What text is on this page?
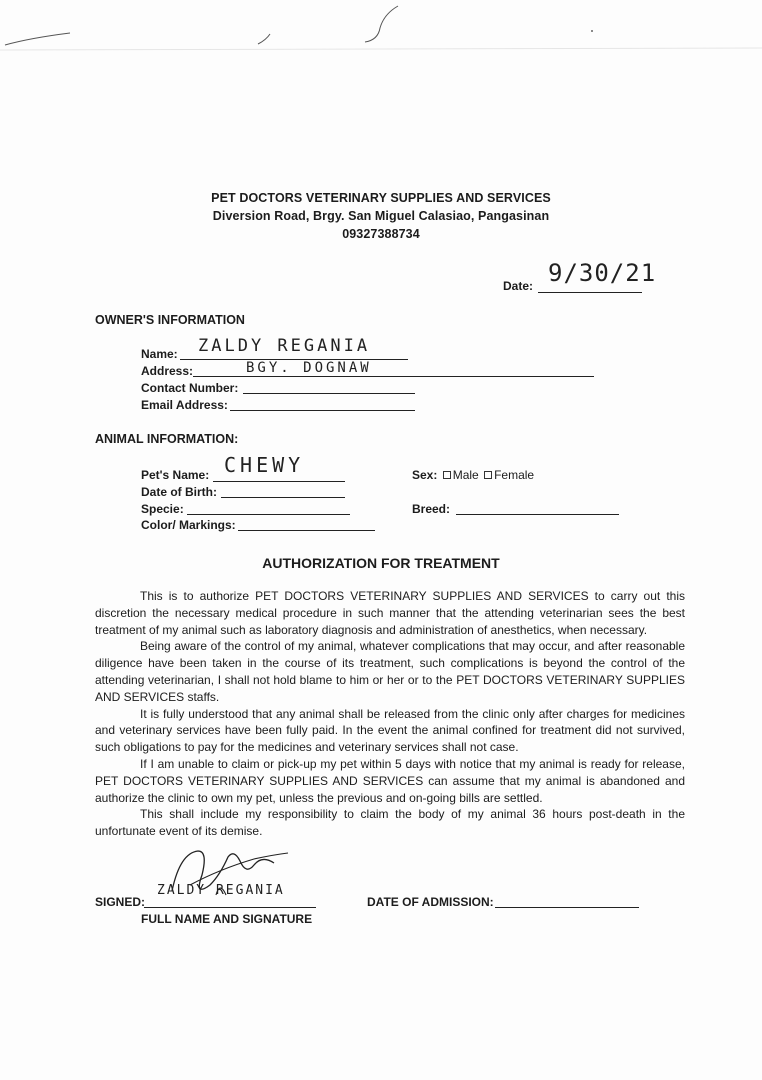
PET DOCTORS VETERINARY SUPPLIES AND SERVICES
Diversion Road, Brgy. San Miguel Calasiao, Pangasinan
09327388734
Date: 9/30/21
OWNER'S INFORMATION
Name: ZALDY REGANIA
Address:	BGY. DOGNAW
Contact Number:
Email Address:
ANIMAL INFORMATION:
Pet's Name: CHEWY
Date of Birth:
Specie:
Color/ Markings:
Sex: Male Female
Breed:
AUTHORIZATION FOR TREATMENT

This is to authorize PET DOCTORS VETERINARY SUPPLIES AND SERVICES to carry out this discretion the necessary medical procedure in such manner that the attending veterinarian sees the best treatment of my animal such as laboratory diagnosis and administration of anesthetics, when necessary.

Being aware of the control of my animal, whatever complications that may occur, and after reasonable diligence have been taken in the course of its treatment, such complications is beyond the control of the attending veterinarian, I shall not hold blame to him or her or to the PET DOCTORS VETERINARY SUPPLIES AND SERVICES staffs.

It is fully understood that any animal shall be released from the clinic only after charges for medicines and veterinary services have been fully paid. In the event the animal confined for treatment did not survived, such obligations to pay for the medicines and veterinary services shall not case.

If I am unable to claim or pick-up my pet within 5 days with notice that my animal is ready for release, PET DOCTORS VETERINARY SUPPLIES AND SERVICES can assume that my animal is abandoned and authorize the clinic to own my pet, unless the previous and on-going bills are settled.

This shall include my responsibility to claim the body of my animal 36 hours post-death in the unfortunate event of its demise.

SIGNED:
ZALDY REGANIA
FULL NAME AND SIGNATURE
DATE OF ADMISSION:
